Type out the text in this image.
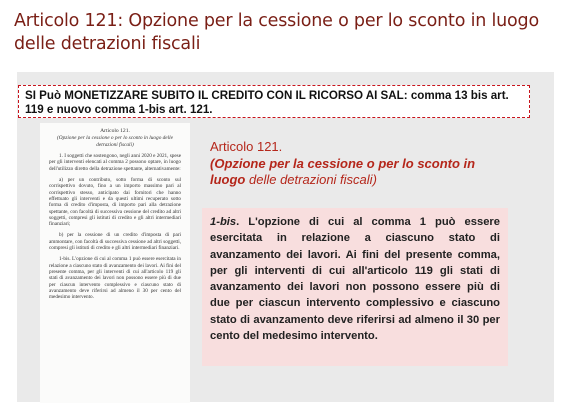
Articolo 121: Opzione per la cessione o per lo sconto in luogo delle detrazioni fiscali
SI Può MONETIZZARE SUBITO IL CREDITO CON IL RICORSO AI SAL: comma 13 bis art. 119 e nuovo comma 1-bis art. 121.
Articolo 121.
(Opzione per la cessione o per lo sconto in luogo delle detrazioni fiscali)
1. I soggetti che sostengono, negli anni 2020 e 2021, spese per gli interventi elencati al comma 2 possono optare, in luogo dell'utilizzo diretto della detrazione spettante, alternativamente:
a) per un contributo, sotto forma di sconto sul corrispettivo dovuto, fino a un importo massimo pari al corrispettivo stesso, anticipato dai fornitori che hanno effettuato gli interventi e da questi ultimi recuperato sotto forma di credito d'imposta, di importo pari alla detrazione spettante, con facoltà di successiva cessione del credito ad altri soggetti, compresi gli istituti di credito e gli altri intermediari finanziari;
b) per la cessione di un credito d'imposta di pari ammontare, con facoltà di successiva cessione ad altri soggetti, compresi gli istituti di credito e gli altri intermediari finanziari.
1-bis. L'opzione di cui al comma 1 può essere esercitata in relazione a ciascuno stato di avanzamento dei lavori. Ai fini del presente comma, per gli interventi di cui all'articolo 119 gli stati di avanzamento dei lavori non possono essere più di due per ciascun intervento complessivo e ciascuno stato di avanzamento deve riferirsi ad almeno il 30 per cento del medesimo intervento.
Articolo 121.
(Opzione per la cessione o per lo sconto in luogo delle detrazioni fiscali)
1-bis. L'opzione di cui al comma 1 può essere esercitata in relazione a ciascuno stato di avanzamento dei lavori. Ai fini del presente comma, per gli interventi di cui all'articolo 119 gli stati di avanzamento dei lavori non possono essere più di due per ciascun intervento complessivo e ciascuno stato di avanzamento deve riferirsi ad almeno il 30 per cento del medesimo intervento.
